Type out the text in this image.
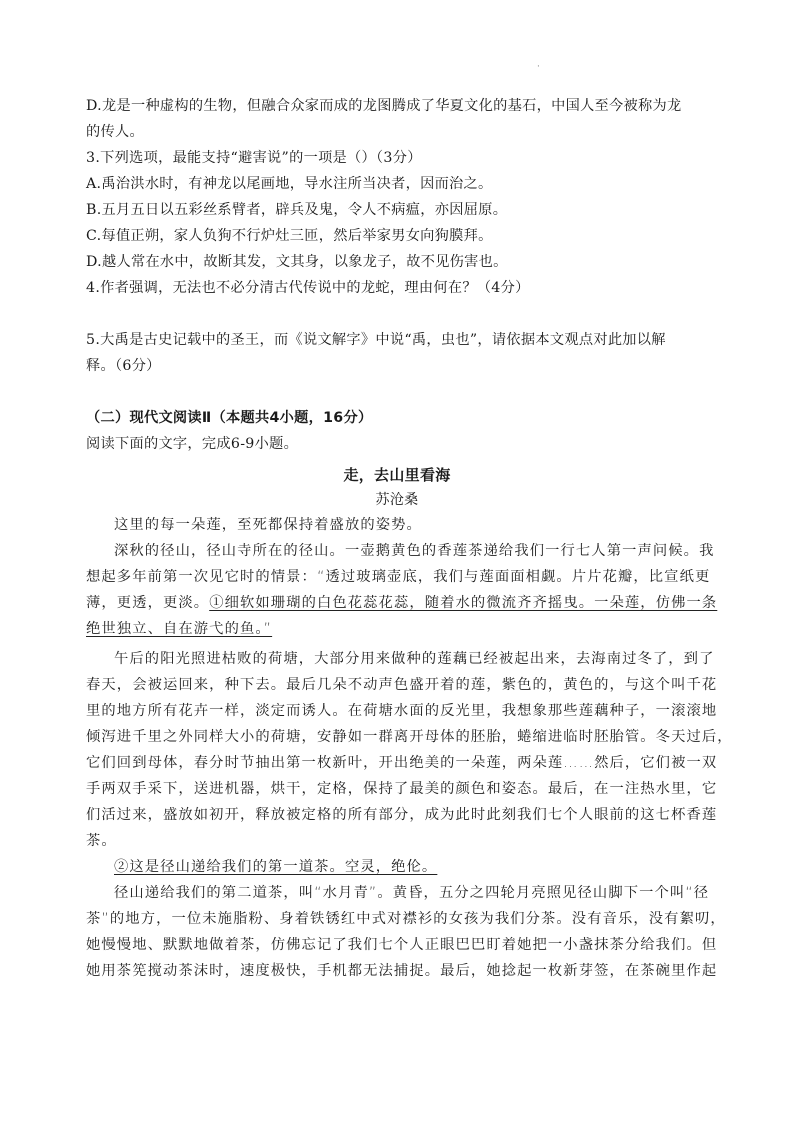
·
D.龙是一种虚构的生物，但融合众家而成的龙图腾成了华夏文化的基石，中国人至今被称为龙
的传人。
3.下列选项，最能支持“避害说”的一项是（）（3分）
A.禹治洪水时，有神龙以尾画地，导水注所当决者，因而治之。
B.五月五日以五彩丝系臂者，辟兵及鬼，令人不病瘟，亦因屈原。
C.每值正朔，家人负狗不行炉灶三匝，然后举家男女向狗膜拜。
D.越人常在水中，故断其发，文其身，以象龙子，故不见伤害也。
4.作者强调，无法也不必分清古代传说中的龙蛇，理由何在？（4分）
5.大禹是古史记载中的圣王，而《说文解字》中说“禹，虫也”，请依据本文观点对此加以解
释。（6分）
（二）现代文阅读Ⅱ（本题共4小题，16分）
阅读下面的文字，完成6-9小题。
走，去山里看海
苏沧桑
这里的每一朵莲，至死都保持着盛放的姿势。
深秋的径山，径山寺所在的径山。一壶鹅黄色的香莲茶递给我们一行七人第一声问候。我
想起多年前第一次见它时的情景：“透过玻璃壶底，我们与莲面面相觑。片片花瓣，比宣纸更
薄，更透，更淡。①细软如珊瑚的白色花蕊花蕊，随着水的微流齐齐摇曳。一朵莲，仿佛一条
绝世独立、自在游弋的鱼。”
午后的阳光照进枯败的荷塘，大部分用来做种的莲藕已经被起出来，去海南过冬了，到了
春天，会被运回来，种下去。最后几朵不动声色盛开着的莲，紫色的，黄色的，与这个叫千花
里的地方所有花卉一样，淡定而诱人。在荷塘水面的反光里，我想象那些莲藕种子，一滚滚地
倾泻进千里之外同样大小的荷塘，安静如一群离开母体的胚胎，蜷缩进临时胚胎管。冬天过后，
它们回到母体，春分时节抽出第一枚新叶，开出绝美的一朵莲，两朵莲……然后，它们被一双
手两双手采下，送进机器，烘干，定格，保持了最美的颜色和姿态。最后，在一注热水里，它
们活过来，盛放如初开，释放被定格的所有部分，成为此时此刻我们七个人眼前的这七杯香莲
茶。
②这是径山递给我们的第一道茶。空灵，绝伦。
径山递给我们的第二道茶，叫“水月青”。黄昏，五分之四轮月亮照见径山脚下一个叫“径
茶”的地方，一位未施脂粉、身着铁锈红中式对襟衫的女孩为我们分茶。没有音乐，没有絮叨，
她慢慢地、默默地做着茶，仿佛忘记了我们七个人正眼巴巴盯着她把一小盏抹茶分给我们。但
她用茶筅搅动茶沫时，速度极快，手机都无法捕捉。最后，她捻起一枚新芽签，在茶碗里作起
